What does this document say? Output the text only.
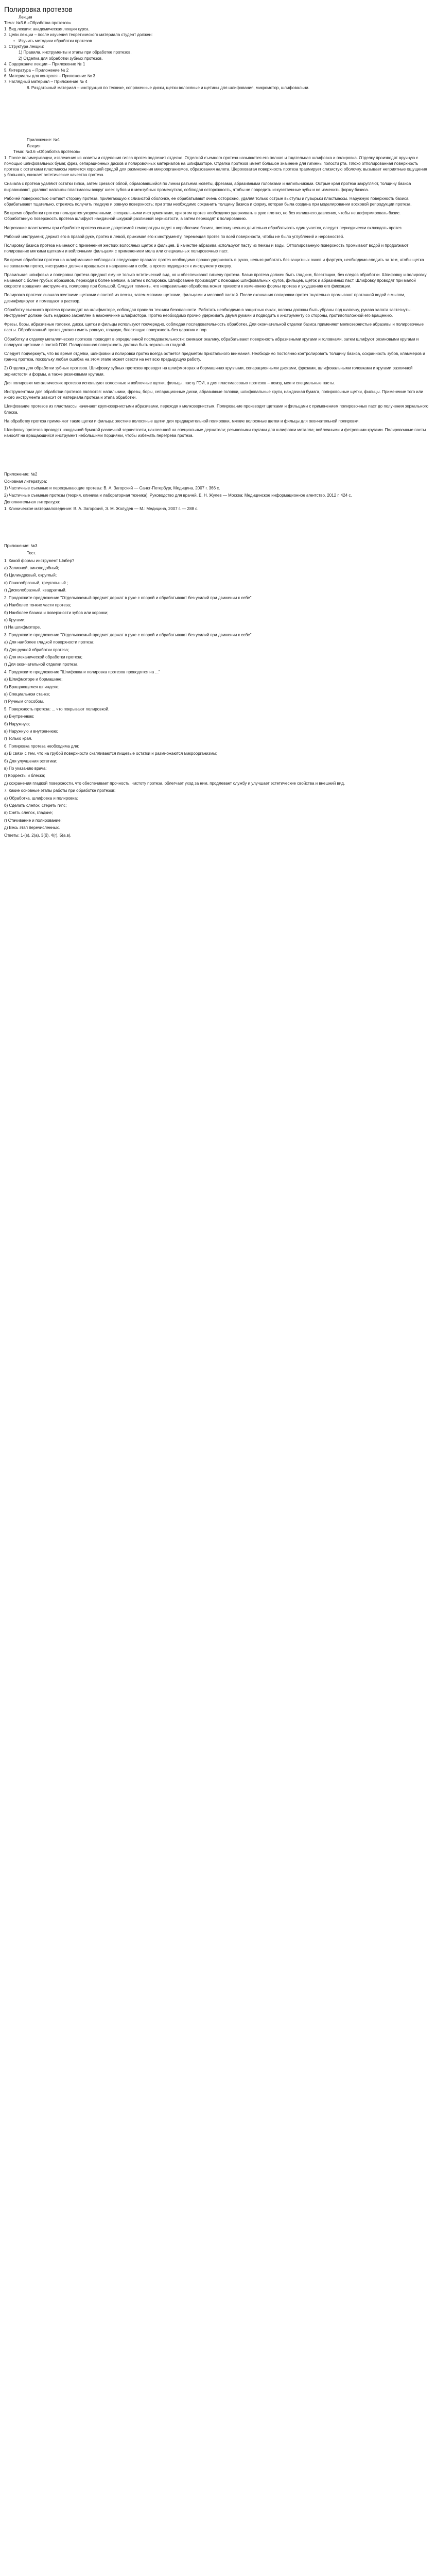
Полировка протезов

Лекция

Тема: №3.6 «Обработка протезов»

1. Вид лекции: академическая лекция курса.

2. Цели лекции – после изучения теоретического материала студент должен:

• Изучить методики обработки протезов

3. Структура лекции:

1) Правила, инструменты и этапы при обработке протезов.

2) Отделка для обработки зубных протезов.

4. Содержание лекции – Приложение № 1

5. Литература – Приложение № 2

6. Материалы для контроля – Приложение № 3

7. Наглядный материал – Приложение № 4

8. Раздаточный материал – инструкция по технике, сопряженные диски, щетки волосяные и щетины для шлифования, микромотор, шлифовальни.

Приложение: №1

Лекция

Тема: №3.6 «Обработка протезов»

1. После полимеризации, извлечения из кюветы и отделения гипса протез подлежит отделке. Отделкой съемного протеза называется его полная и тщательная шлифовка и полировка. Отделку производят вручную с помощью шлифовальных бумаг, фрез, сепарационных дисков и полировочных материалов на шлифмоторе. Отделка протезов имеет большое значение для гигиены полости рта. Плохо отполированная поверхность протеза с остатками пластмассы является хорошей средой для размножения микроорганизмов, образования налета. Шероховатая поверхность протеза травмирует слизистую оболочку, вызывает неприятные ощущения у больного, снижает эстетические качества протеза.

Сначала с протеза удаляют остатки гипса, затем срезают облой, образовавшийся по линии разъема кюветы, фрезами, абразивными головками и напильниками. Острые края протеза закругляют, толщину базиса выравнивают, удаляют наплывы пластмассы вокруг шеек зубов и в межзубных промежутках, соблюдая осторожность, чтобы не повредить искусственные зубы и не изменить форму базиса.

Рабочей поверхностью считают сторону протеза, прилегающую к слизистой оболочке, ее обрабатывают очень осторожно, удаляя только острые выступы и пузырьки пластмассы. Наружную поверхность базиса обрабатывают тщательно, стремясь получить гладкую и ровную поверхность; при этом необходимо сохранить толщину базиса и форму, которая была создана при моделировании восковой репродукции протеза.

Во время обработки протеза пользуются укороченными, специальными инструментами, при этом протез необходимо удерживать в руке плотно, но без излишнего давления, чтобы не деформировать базис. Обработанную поверхность протеза шлифуют наждачной шкуркой различной зернистости, а затем переходят к полированию.

Нагревание пластмассы при обработке протеза свыше допустимой температуры ведет к короблению базиса, поэтому нельзя длительно обрабатывать один участок, следует периодически охлаждать протез.

Рабочий инструмент, держат его в правой руке, протез в левой, прижимая его к инструменту, перемещая протез по всей поверхности, чтобы не было углублений и неровностей.

Полировку базиса протеза начинают с применения жестких волосяных щеток и фильцев. В качестве абразива используют пасту из пемзы и воды. Отполированную поверхность промывают водой и продолжают полирование мягкими щетками и войлочными фильцами с применением мела или специальных полировочных паст.

Во время обработки протеза на шлифмашине соблюдают следующие правила: протез необходимо прочно удерживать в руках, нельзя работать без защитных очков и фартука, необходимо следить за тем, чтобы щетка не захватила протез, инструмент должен вращаться в направлении к себе, а протез подводится к инструменту сверху.

Правильная шлифовка и полировка протеза придают ему не только эстетический вид, но и обеспечивают гигиену протеза. Базис протеза должен быть гладким, блестящим, без следов обработки. Шлифовку и полировку начинают с более грубых абразивов, переходя к более мелким, а затем к полировке. Шлифование производят с помощью шлифовальных кругов, фильцев, щеток и абразивных паст. Шлифовку проводят при малой скорости вращения инструмента, полировку при большой. Следует помнить, что неправильная обработка может привести к изменению формы протеза и ухудшению его фиксации.

Полировка протеза: сначала жесткими щетками с пастой из пемзы, затем мягкими щетками, фильцами и меловой пастой. После окончания полировки протез тщательно промывают проточной водой с мылом, дезинфицируют и помещают в раствор.

Обработку съемного протеза производят на шлифмоторе, соблюдая правила техники безопасности. Работать необходимо в защитных очках, волосы должны быть убраны под шапочку, рукава халата застегнуты. Инструмент должен быть надежно закреплен в наконечнике шлифмотора. Протез необходимо прочно удерживать двумя руками и подводить к инструменту со стороны, противоположной его вращению.

Фрезы, боры, абразивные головки, диски, щетки и фильцы используют поочередно, соблюдая последовательность обработки. Для окончательной отделки базиса применяют мелкозернистые абразивы и полировочные пасты. Обработанный протез должен иметь ровную, гладкую, блестящую поверхность без царапин и пор.

Обработку и отделку металлических протезов проводят в определенной последовательности: снимают окалину, обрабатывают поверхность абразивными кругами и головками, затем шлифуют резиновыми кругами и полируют щетками с пастой ГОИ. Полированная поверхность должна быть зеркально гладкой.

Следует подчеркнуть, что во время отделки, шлифовки и полировки протез всегда остается предметом пристального внимания. Необходимо постоянно контролировать толщину базиса, сохранность зубов, кламмеров и границ протеза, поскольку любая ошибка на этом этапе может свести на нет всю предыдущую работу.

2) Отделка для обработки зубных протезов. Шлифовку зубных протезов проводят на шлифмоторах и бормашинах круглыми, сепарационными дисками, фрезами, шлифовальными головками и кругами различной зернистости и формы, а также резиновыми кругами.

Для полировки металлических протезов используют волосяные и войлочные щетки, фильцы, пасту ГОИ, а для пластмассовых протезов – пемзу, мел и специальные пасты.

Инструментами для обработки протезов являются: напильники, фрезы, боры, сепарационные диски, абразивные головки, шлифовальные круги, наждачная бумага, полировочные щетки, фильцы. Применение того или иного инструмента зависит от материала протеза и этапа обработки.

Шлифование протезов из пластмассы начинают крупнозернистыми абразивами, переходя к мелкозернистым. Полирование производят щетками и фильцами с применением полировочных паст до получения зеркального блеска.

На обработку протеза применяют такие щетки и фильцы: жесткие волосяные щетки для предварительной полировки, мягкие волосяные щетки и фильцы для окончательной полировки.

Шлифовку протезов проводят наждачной бумагой различной зернистости, наклеенной на специальные держатели; резиновыми кругами для шлифовки металла; войлочными и фетровыми кругами. Полировочные пасты наносят на вращающийся инструмент небольшими порциями, чтобы избежать перегрева протеза.

Приложение: №2

Основная литература:

1) Частичные съемные и перекрывающие протезы: В. А. Загорский — Санкт-Петербург, Медицина, 2007 г. 366 с.

2) Частичные съемные протезы (теория, клиника и лабораторная техника): Руководство для врачей. Е. Н. Жулев — Москва: Медицинское информационное агентство, 2012 г. 424 с.

Дополнительная литература:

1. Клиническое материаловедение: В. А. Загорский, Э. М. Жолудев — М.: Медицина, 2007 г. — 288 с.

Приложение: №3

Тест.

1. Какой формы инструмент Шабер?

а) Заливной, виноподобный;

б) Цилиндровый, округлый;

в) Ложкообразный, треугольный ;

г) Дисколобразный, квадратный.

2. Продолжите предложение "Отделываемый предмет держат в руке с опорой и обрабатывают без усилий при движении к себе".

а) Наиболее тонкие части протеза;

б) Наиболее базиса и поверхности зубов или коронки;

в) Кругами;

г) На шлифмоторе.

3. Продолжите предложение "Отделываемый предмет держат в руке с опорой и обрабатывают без усилий при движении к себе".

а) Для наиболее гладкой поверхности протеза;

б) Для ручной обработки протеза;

в) Для механической обработки протеза;

г) Для окончательной отделки протеза.

4. Продолжите предложение "Шлифовка и полировка протезов проводятся на ..."

а) Шлифмоторе и бормашине;

б) Вращающемся шпинделе;

в) Специальном станке;

г) Ручным способом.

5. Поверхность протеза: ... что покрывают полировкой.

а) Внутреннюю;

б) Наружную;

в) Наружную и внутреннюю;

г) Только края.

6. Полировка протеза необходима для:

а) В связи с тем, что на грубой поверхности скапливаются пищевые остатки и размножаются микроорганизмы;

б) Для улучшения эстетики;

в) По указанию врача;

г) Корректы и блеска;

д) сохранения гладкой поверхности, что обеспечивает прочность, чистоту протеза, облегчает уход за ним, продлевает службу и улучшает эстетические свойства и внешний вид.

7. Какие основные этапы работы при обработке протезов:

а) Обработка, шлифовка и полировка;

б) Сделать слепок, стереть гипс;

в) Снять слепок, гладкие;

г) Стачивание и полирование;

д) Весь этап перечисленных.

Ответы: 1-(в), 2(а), 3(б), 4(г), 5(а,в).
